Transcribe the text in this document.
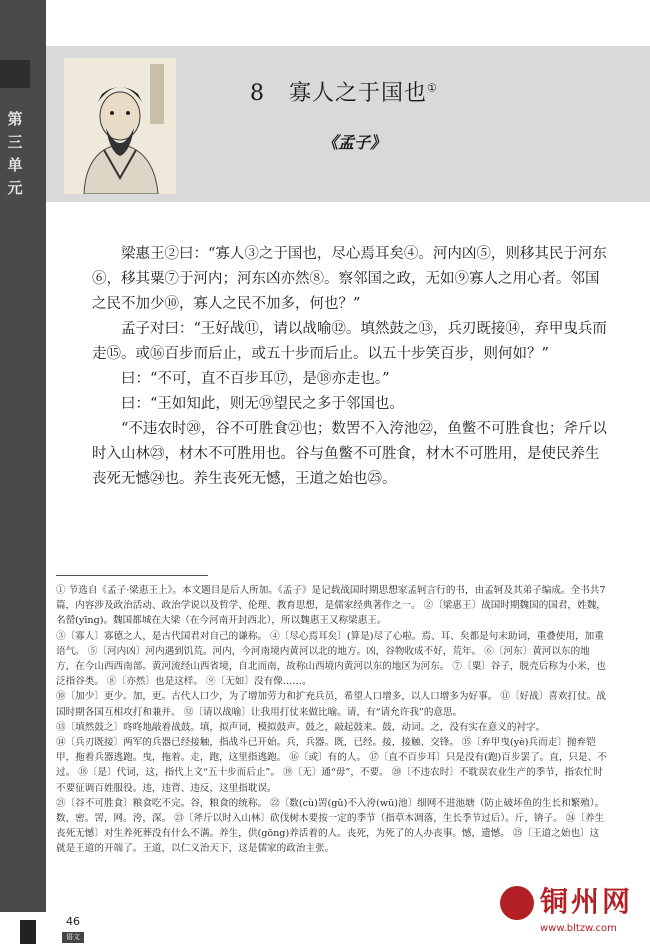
第三单元
8 寡人之于国也①
《孟子》

梁惠王②曰：“寡人③之于国也，尽心焉耳矣④。河内凶⑤，则移其民于河东⑥，移其粟⑦于河内；河东凶亦然⑧。察邻国之政，无如⑨寡人之用心者。邻国之民不加少⑩，寡人之民不加多，何也？”

孟子对曰：“王好战⑪，请以战喻⑫。填然鼓之⑬，兵刃既接⑭，弃甲曳兵而走⑮。或⑯百步而后止，或五十步而后止。以五十步笑百步，则何如？”

曰：“不可，直不百步耳⑰，是⑱亦走也。”

曰：“王如知此，则无⑲望民之多于邻国也。

“不违农时⑳，谷不可胜食㉑也；数罟不入洿池㉒，鱼鳖不可胜食也；斧斤以时入山林㉓，材木不可胜用也。谷与鱼鳖不可胜食，材木不可胜用，是使民养生丧死无憾㉔也。养生丧死无憾，王道之始也㉕。

① 节选自《孟子·梁惠王上》。本文题目是后人所加。《孟子》是记载战国时期思想家孟轲言行的书，由孟轲及其弟子编成。全书共7篇，内容涉及政治活动、政治学说以及哲学、伦理、教育思想，是儒家经典著作之一。 ②〔梁惠王〕战国时期魏国的国君，姓魏，名罃(yīng)。魏国都城在大梁（在今河南开封西北），所以魏惠王又称梁惠王。

③〔寡人〕寡德之人，是古代国君对自己的谦称。 ④〔尽心焉耳矣〕(算是)尽了心啦。焉、耳、矣都是句末助词，重叠使用，加重语气。 ⑤〔河内凶〕河内遇到饥荒。河内，今河南境内黄河以北的地方。凶，谷物收成不好，荒年。 ⑥〔河东〕黄河以东的地方，在今山西西南部。黄河流经山西省境，自北而南，故称山西境内黄河以东的地区为河东。 ⑦〔粟〕谷子，脱壳后称为小米，也泛指谷类。 ⑧〔亦然〕也是这样。 ⑨〔无如〕没有像……。

⑩〔加少〕更少。加，更。古代人口少，为了增加劳力和扩充兵员，希望人口增多，以人口增多为好事。 ⑪〔好战〕喜欢打仗。战国时期各国互相攻打和兼并。 ⑫〔请以战喻〕让我用打仗来做比喻。请，有“请允许我”的意思。

⑬〔填然鼓之〕咚咚地敲着战鼓。填，拟声词，模拟鼓声。鼓之，敲起鼓来。鼓，动词。之，没有实在意义的衬字。

⑭〔兵刃既接〕两军的兵器已经接触，指战斗已开始。兵，兵器。既，已经。接，接触、交锋。 ⑮〔弃甲曳(yè)兵而走〕抛弃铠甲，拖着兵器逃跑。曳，拖着。走，跑，这里指逃跑。 ⑯〔或〕有的人。 ⑰〔直不百步耳〕只是没有(跑)百步罢了。直，只是、不过。 ⑱〔是〕代词，这，指代上文“五十步而后止”。 ⑲〔无〕通“毋”，不要。 ⑳〔不违农时〕不耽误农业生产的季节，指农忙时不要征调百姓服役。违，违背、违反，这里指耽误。

㉑〔谷不可胜食〕粮食吃不完。谷，粮食的统称。 ㉒〔数(cù)罟(gǔ)不入洿(wū)池〕细网不进池塘（防止破坏鱼的生长和繁殖）。数，密。罟，网。洿，深。 ㉓〔斧斤以时入山林〕砍伐树木要按一定的季节（指草木凋落，生长季节过后）。斤，锛子。 ㉔〔养生丧死无憾〕对生养死葬没有什么不满。养生，供(gōng)养活着的人。丧死，为死了的人办丧事。憾，遗憾。 ㉕〔王道之始也〕这就是王道的开端了。王道，以仁义治天下，这是儒家的政治主张。

46
语文
铜州网
www.bltzw.com
